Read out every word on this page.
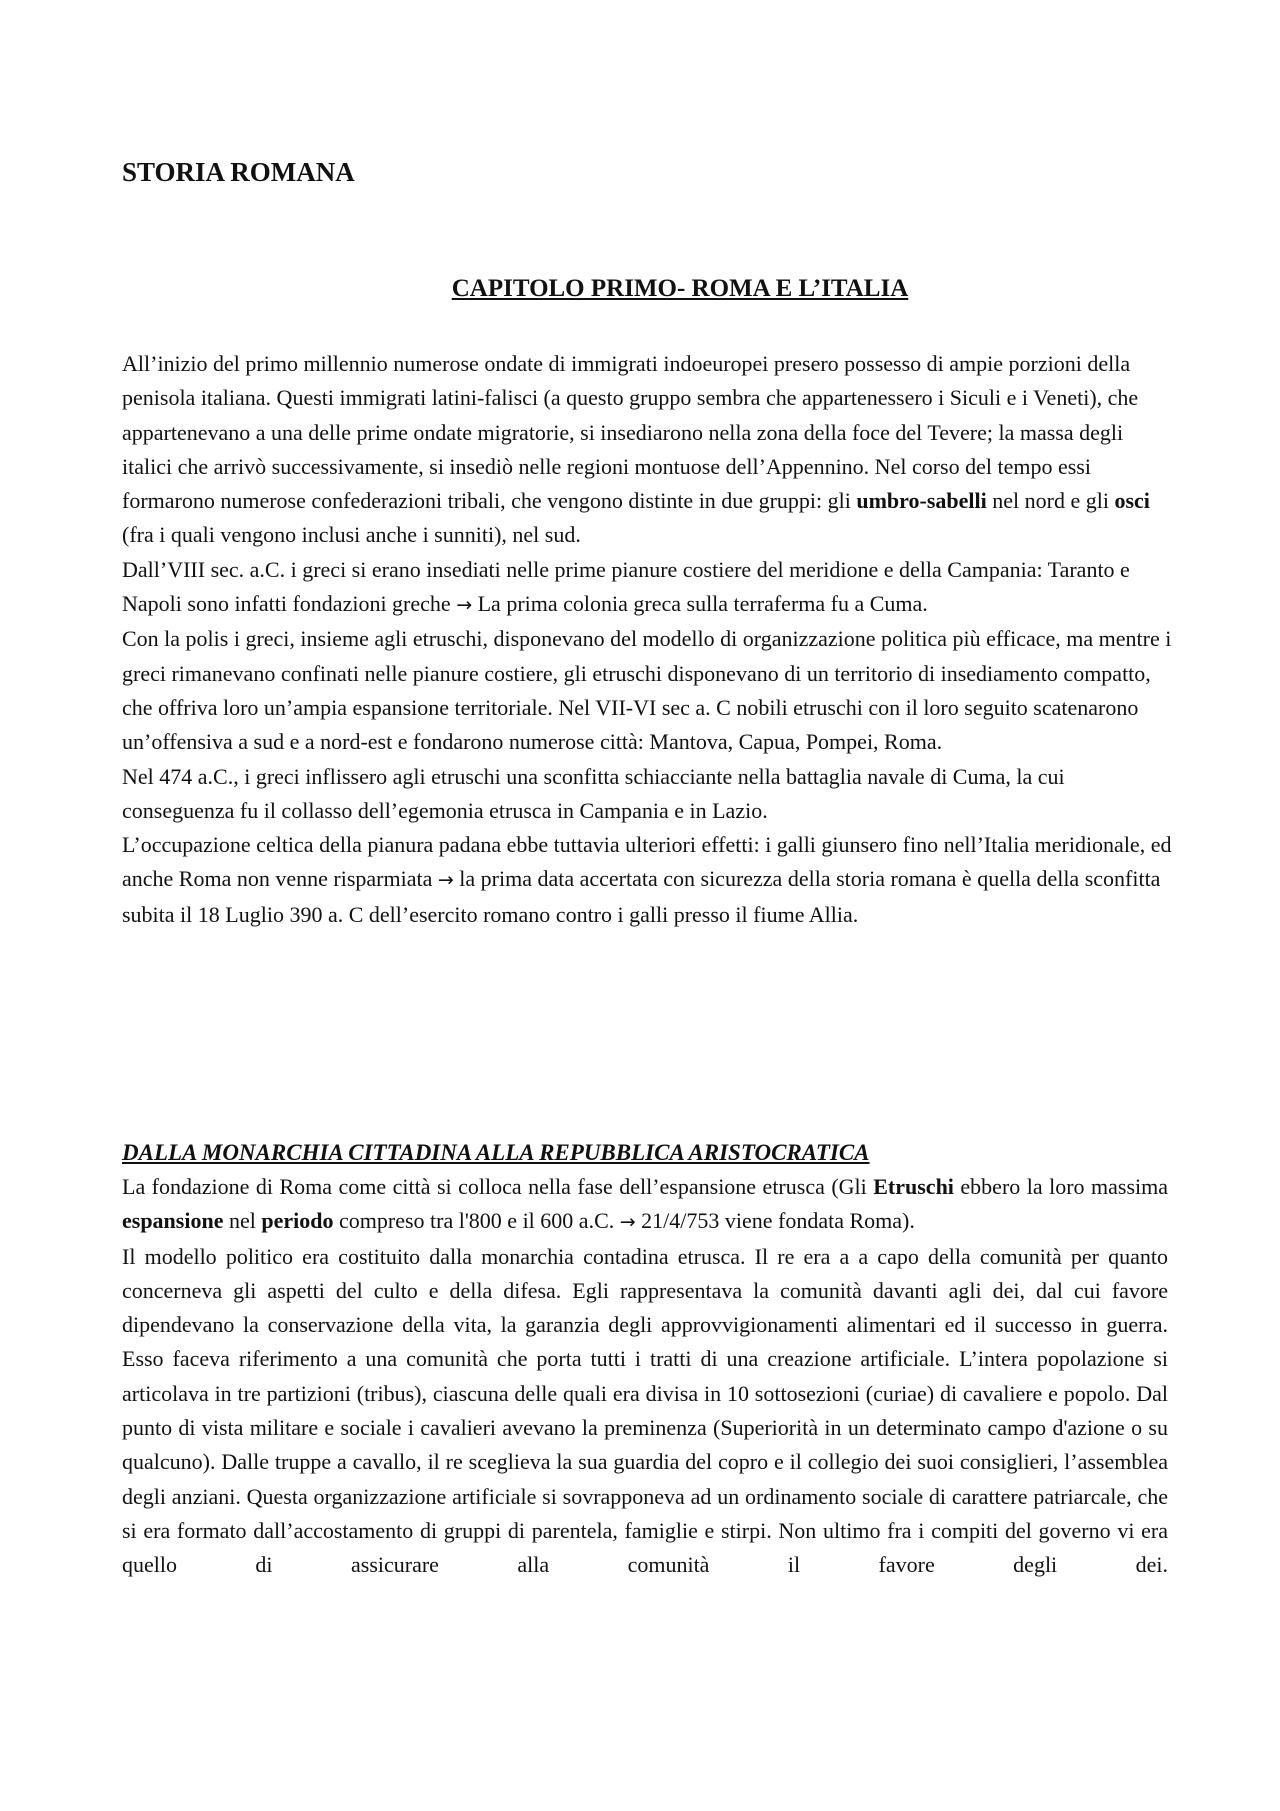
STORIA ROMANA
CAPITOLO PRIMO- ROMA E L’ITALIA

All’inizio del primo millennio numerose ondate di immigrati indoeuropei presero possesso di ampie porzioni della penisola italiana. Questi immigrati latini-falisci (a questo gruppo sembra che appartenessero i Siculi e i Veneti), che appartenevano a una delle prime ondate migratorie, si insediarono nella zona della foce del Tevere; la massa degli italici che arrivò successivamente, si insediò nelle regioni montuose dell’Appennino. Nel corso del tempo essi formarono numerose confederazioni tribali, che vengono distinte in due gruppi: gli umbro-sabelli nel nord e gli osci (fra i quali vengono inclusi anche i sunniti), nel sud.

Dall’VIII sec. a.C. i greci si erano insediati nelle prime pianure costiere del meridione e della Campania: Taranto e Napoli sono infatti fondazioni greche → La prima colonia greca sulla terraferma fu a Cuma.

Con la polis i greci, insieme agli etruschi, disponevano del modello di organizzazione politica più efficace, ma mentre i greci rimanevano confinati nelle pianure costiere, gli etruschi disponevano di un territorio di insediamento compatto, che offriva loro un’ampia espansione territoriale. Nel VII-VI sec a. C nobili etruschi con il loro seguito scatenarono un’offensiva a sud e a nord-est e fondarono numerose città: Mantova, Capua, Pompei, Roma.

Nel 474 a.C., i greci inflissero agli etruschi una sconfitta schiacciante nella battaglia navale di Cuma, la cui conseguenza fu il collasso dell’egemonia etrusca in Campania e in Lazio.

L’occupazione celtica della pianura padana ebbe tuttavia ulteriori effetti: i galli giunsero fino nell’Italia meridionale, ed anche Roma non venne risparmiata → la prima data accertata con sicurezza della storia romana è quella della sconfitta subita il 18 Luglio 390 a. C dell’esercito romano contro i galli presso il fiume Allia.

DALLA MONARCHIA CITTADINA ALLA REPUBBLICA ARISTOCRATICA

La fondazione di Roma come città si colloca nella fase dell’espansione etrusca (Gli Etruschi ebbero la loro massima espansione nel periodo compreso tra l'800 e il 600 a.C. → 21/4/753 viene fondata Roma).

Il modello politico era costituito dalla monarchia contadina etrusca. Il re era a a capo della comunità per quanto concerneva gli aspetti del culto e della difesa. Egli rappresentava la comunità davanti agli dei, dal cui favore dipendevano la conservazione della vita, la garanzia degli approvvigionamenti alimentari ed il successo in guerra. Esso faceva riferimento a una comunità che porta tutti i tratti di una creazione artificiale. L’intera popolazione si articolava in tre partizioni (tribus), ciascuna delle quali era divisa in 10 sottosezioni (curiae) di cavaliere e popolo. Dal punto di vista militare e sociale i cavalieri avevano la preminenza (Superiorità in un determinato campo d'azione o su qualcuno). Dalle truppe a cavallo, il re sceglieva la sua guardia del copro e il collegio dei suoi consiglieri, l’assemblea degli anziani. Questa organizzazione artificiale si sovrapponeva ad un ordinamento sociale di carattere patriarcale, che si era formato dall’accostamento di gruppi di parentela, famiglie e stirpi. Non ultimo fra i compiti del governo vi era quello di assicurare alla comunità il favore degli dei.
